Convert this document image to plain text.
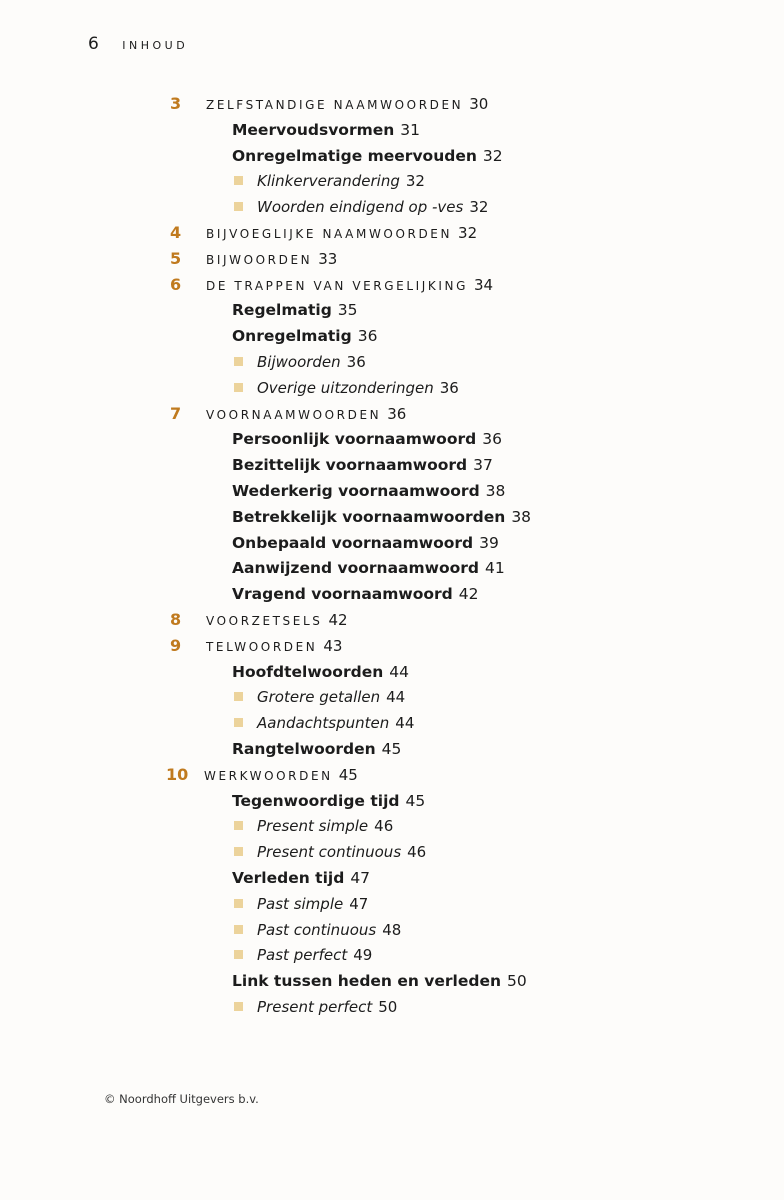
6 INHOUD
3	ZELFSTANDIGE NAAMWOORDEN 30
Meervoudsvormen 31
Onregelmatige meervouden 32
Klinkerverandering 32
Woorden eindigend op -ves 32
4	BIJVOEGLIJKE NAAMWOORDEN 32
5	BIJWOORDEN 33
6	DE TRAPPEN VAN VERGELIJKING 34
Regelmatig 35
Onregelmatig 36
Bijwoorden 36
Overige uitzonderingen 36
7	VOORNAAMWOORDEN 36
Persoonlijk voornaamwoord 36
Bezittelijk voornaamwoord 37
Wederkerig voornaamwoord 38
Betrekkelijk voornaamwoorden 38
Onbepaald voornaamwoord 39
Aanwijzend voornaamwoord 41
Vragend voornaamwoord 42
8	VOORZETSELS 42
9	TELWOORDEN 43
Hoofdtelwoorden 44
Grotere getallen 44
Aandachtspunten 44
Rangtelwoorden 45
10	WERKWOORDEN 45
Tegenwoordige tijd 45
Present simple 46
Present continuous 46
Verleden tijd 47
Past simple 47
Past continuous 48
Past perfect 49
Link tussen heden en verleden 50
Present perfect 50
© Noordhoff Uitgevers b.v.
